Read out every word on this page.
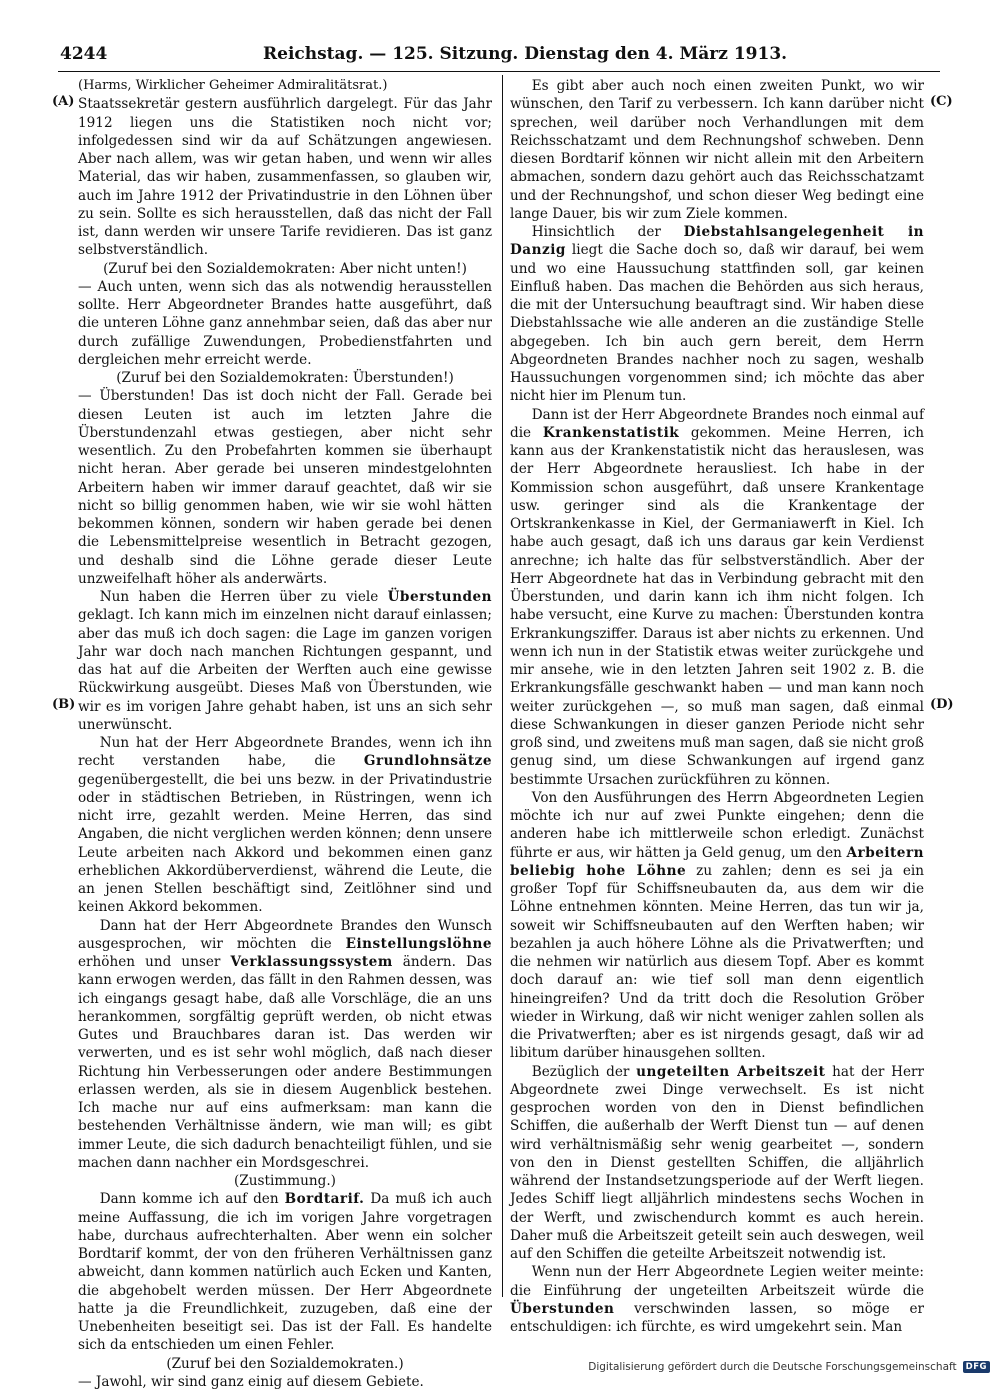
4244	Reichstag. — 125. Sitzung. Dienstag den 4. März 1913.
(A)
(B)
(C)
(D)

(Harms, Wirklicher Geheimer Admiralitätsrat.)

Staatssekretär gestern ausführlich dargelegt. Für das Jahr 1912 liegen uns die Statistiken noch nicht vor; infolgedessen sind wir da auf Schätzungen angewiesen. Aber nach allem, was wir getan haben, und wenn wir alles Material, das wir haben, zusammenfassen, so glauben wir, auch im Jahre 1912 der Privatindustrie in den Löhnen über zu sein. Sollte es sich herausstellen, daß das nicht der Fall ist, dann werden wir unsere Tarife revidieren. Das ist ganz selbstverständlich.

(Zuruf bei den Sozialdemokraten: Aber nicht unten!)

— Auch unten, wenn sich das als notwendig herausstellen sollte. Herr Abgeordneter Brandes hatte ausgeführt, daß die unteren Löhne ganz annehmbar seien, daß das aber nur durch zufällige Zuwendungen, Probedienstfahrten und dergleichen mehr erreicht werde.

(Zuruf bei den Sozialdemokraten: Überstunden!)

— Überstunden! Das ist doch nicht der Fall. Gerade bei diesen Leuten ist auch im letzten Jahre die Überstundenzahl etwas gestiegen, aber nicht sehr wesentlich. Zu den Probefahrten kommen sie überhaupt nicht heran. Aber gerade bei unseren mindestgelohnten Arbeitern haben wir immer darauf geachtet, daß wir sie nicht so billig genommen haben, wie wir sie wohl hätten bekommen können, sondern wir haben gerade bei denen die Lebensmittelpreise wesentlich in Betracht gezogen, und deshalb sind die Löhne gerade dieser Leute unzweifelhaft höher als anderwärts.

Nun haben die Herren über zu viele Überstunden geklagt. Ich kann mich im einzelnen nicht darauf einlassen; aber das muß ich doch sagen: die Lage im ganzen vorigen Jahr war doch nach manchen Richtungen gespannt, und das hat auf die Arbeiten der Werften auch eine gewisse Rückwirkung ausgeübt. Dieses Maß von Überstunden, wie wir es im vorigen Jahre gehabt haben, ist uns an sich sehr unerwünscht.

Nun hat der Herr Abgeordnete Brandes, wenn ich ihn recht verstanden habe, die Grundlohnsätze gegenübergestellt, die bei uns bezw. in der Privatindustrie oder in städtischen Betrieben, in Rüstringen, wenn ich nicht irre, gezahlt werden. Meine Herren, das sind Angaben, die nicht verglichen werden können; denn unsere Leute arbeiten nach Akkord und bekommen einen ganz erheblichen Akkordüberverdienst, während die Leute, die an jenen Stellen beschäftigt sind, Zeitlöhner sind und keinen Akkord bekommen.

Dann hat der Herr Abgeordnete Brandes den Wunsch ausgesprochen, wir möchten die Einstellungslöhne erhöhen und unser Verklassungssystem ändern. Das kann erwogen werden, das fällt in den Rahmen dessen, was ich eingangs gesagt habe, daß alle Vorschläge, die an uns herankommen, sorgfältig geprüft werden, ob nicht etwas Gutes und Brauchbares daran ist. Das werden wir verwerten, und es ist sehr wohl möglich, daß nach dieser Richtung hin Verbesserungen oder andere Bestimmungen erlassen werden, als sie in diesem Augenblick bestehen. Ich mache nur auf eins aufmerksam: man kann die bestehenden Verhältnisse ändern, wie man will; es gibt immer Leute, die sich dadurch benachteiligt fühlen, und sie machen dann nachher ein Mordsgeschrei.

(Zustimmung.)

Dann komme ich auf den Bordtarif. Da muß ich auch meine Auffassung, die ich im vorigen Jahre vorgetragen habe, durchaus aufrechterhalten. Aber wenn ein solcher Bordtarif kommt, der von den früheren Verhältnissen ganz abweicht, dann kommen natürlich auch Ecken und Kanten, die abgehobelt werden müssen. Der Herr Abgeordnete hatte ja die Freundlichkeit, zuzugeben, daß eine der Unebenheiten beseitigt sei. Das ist der Fall. Es handelte sich da entschieden um einen Fehler.

(Zuruf bei den Sozialdemokraten.)

— Jawohl, wir sind ganz einig auf diesem Gebiete.

Es gibt aber auch noch einen zweiten Punkt, wo wir wünschen, den Tarif zu verbessern. Ich kann darüber nicht sprechen, weil darüber noch Verhandlungen mit dem Reichsschatzamt und dem Rechnungshof schweben. Denn diesen Bordtarif können wir nicht allein mit den Arbeitern abmachen, sondern dazu gehört auch das Reichsschatzamt und der Rechnungshof, und schon dieser Weg bedingt eine lange Dauer, bis wir zum Ziele kommen.

Hinsichtlich der Diebstahlsangelegenheit in Danzig liegt die Sache doch so, daß wir darauf, bei wem und wo eine Haussuchung stattfinden soll, gar keinen Einfluß haben. Das machen die Behörden aus sich heraus, die mit der Untersuchung beauftragt sind. Wir haben diese Diebstahlssache wie alle anderen an die zuständige Stelle abgegeben. Ich bin auch gern bereit, dem Herrn Abgeordneten Brandes nachher noch zu sagen, weshalb Haussuchungen vorgenommen sind; ich möchte das aber nicht hier im Plenum tun.

Dann ist der Herr Abgeordnete Brandes noch einmal auf die Krankenstatistik gekommen. Meine Herren, ich kann aus der Krankenstatistik nicht das herauslesen, was der Herr Abgeordnete herausliest. Ich habe in der Kommission schon ausgeführt, daß unsere Krankentage usw. geringer sind als die Krankentage der Ortskrankenkasse in Kiel, der Germaniawerft in Kiel. Ich habe auch gesagt, daß ich uns daraus gar kein Verdienst anrechne; ich halte das für selbstverständlich. Aber der Herr Abgeordnete hat das in Verbindung gebracht mit den Überstunden, und darin kann ich ihm nicht folgen. Ich habe versucht, eine Kurve zu machen: Überstunden kontra Erkrankungsziffer. Daraus ist aber nichts zu erkennen. Und wenn ich nun in der Statistik etwas weiter zurückgehe und mir ansehe, wie in den letzten Jahren seit 1902 z. B. die Erkrankungsfälle geschwankt haben — und man kann noch weiter zurückgehen —, so muß man sagen, daß einmal diese Schwankungen in dieser ganzen Periode nicht sehr groß sind, und zweitens muß man sagen, daß sie nicht groß genug sind, um diese Schwankungen auf irgend ganz bestimmte Ursachen zurückführen zu können.

Von den Ausführungen des Herrn Abgeordneten Legien möchte ich nur auf zwei Punkte eingehen; denn die anderen habe ich mittlerweile schon erledigt. Zunächst führte er aus, wir hätten ja Geld genug, um den Arbeitern beliebig hohe Löhne zu zahlen; denn es sei ja ein großer Topf für Schiffsneubauten da, aus dem wir die Löhne entnehmen könnten. Meine Herren, das tun wir ja, soweit wir Schiffsneubauten auf den Werften haben; wir bezahlen ja auch höhere Löhne als die Privatwerften; und die nehmen wir natürlich aus diesem Topf. Aber es kommt doch darauf an: wie tief soll man denn eigentlich hineingreifen? Und da tritt doch die Resolution Gröber wieder in Wirkung, daß wir nicht weniger zahlen sollen als die Privatwerften; aber es ist nirgends gesagt, daß wir ad libitum darüber hinausgehen sollten.

Bezüglich der ungeteilten Arbeitszeit hat der Herr Abgeordnete zwei Dinge verwechselt. Es ist nicht gesprochen worden von den in Dienst befindlichen Schiffen, die außerhalb der Werft Dienst tun — auf denen wird verhältnismäßig sehr wenig gearbeitet —, sondern von den in Dienst gestellten Schiffen, die alljährlich während der Instandsetzungsperiode auf der Werft liegen. Jedes Schiff liegt alljährlich mindestens sechs Wochen in der Werft, und zwischendurch kommt es auch herein. Daher muß die Arbeitszeit geteilt sein auch deswegen, weil auf den Schiffen die geteilte Arbeitszeit notwendig ist.

Wenn nun der Herr Abgeordnete Legien weiter meinte: die Einführung der ungeteilten Arbeitszeit würde die Überstunden verschwinden lassen, so möge er entschuldigen: ich fürchte, es wird umgekehrt sein. Man

Digitalisierung gefördert durch die Deutsche Forschungsgemeinschaft	DFG
